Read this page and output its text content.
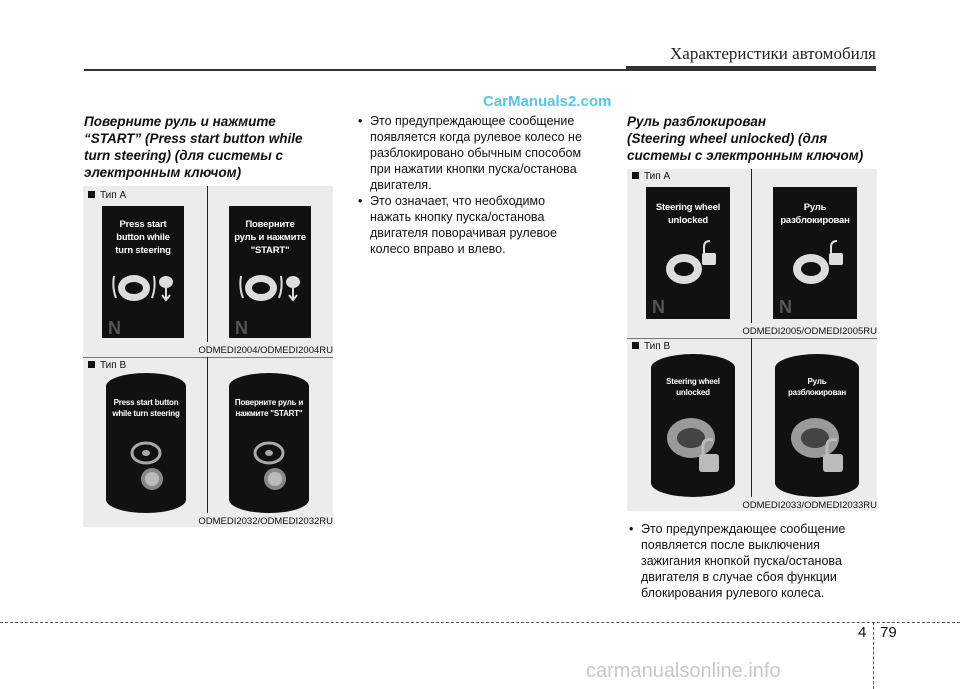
Характеристики автомобиля
CarManuals2.com
Поверните руль и нажмите
“START” (Press start button while
turn steering) (для системы с
электронным ключом)
Тип А
Press start
button while
turn steering
N
Поверните
руль и нажмите
"START"
N
ODMEDI2004/ODMEDI2004RU
Тип B
Press start button
while turn steering
Поверните руль и
нажмите "START"
ODMEDI2032/ODMEDI2032RU
• Это предупреждающее сообщение
появляется когда рулевое колесо не
разблокировано обычным способом
при нажатии кнопки пуска/остановa
двигателя.
• Это означает, что необходимо
нажать кнопку пуска/остановa
двигателя поворачивая рулевое
колесо вправо и влево.
Руль разблокирован
(Steering wheel unlocked) (для
системы с электронным ключом)
Тип А
Steering wheel
unlocked
N
Руль
разблокирован
N
ODMEDI2005/ODMEDI2005RU
Тип B
Steering wheel
unlocked
Руль
разблокирован
ODMEDI2033/ODMEDI2033RU
• Это предупреждающее сообщение
появляется после выключения
зажигания кнопкой пуска/остановa
двигателя в случае сбоя функции
блокирования рулевого колеса.
4 79
carmanualsonline.info
